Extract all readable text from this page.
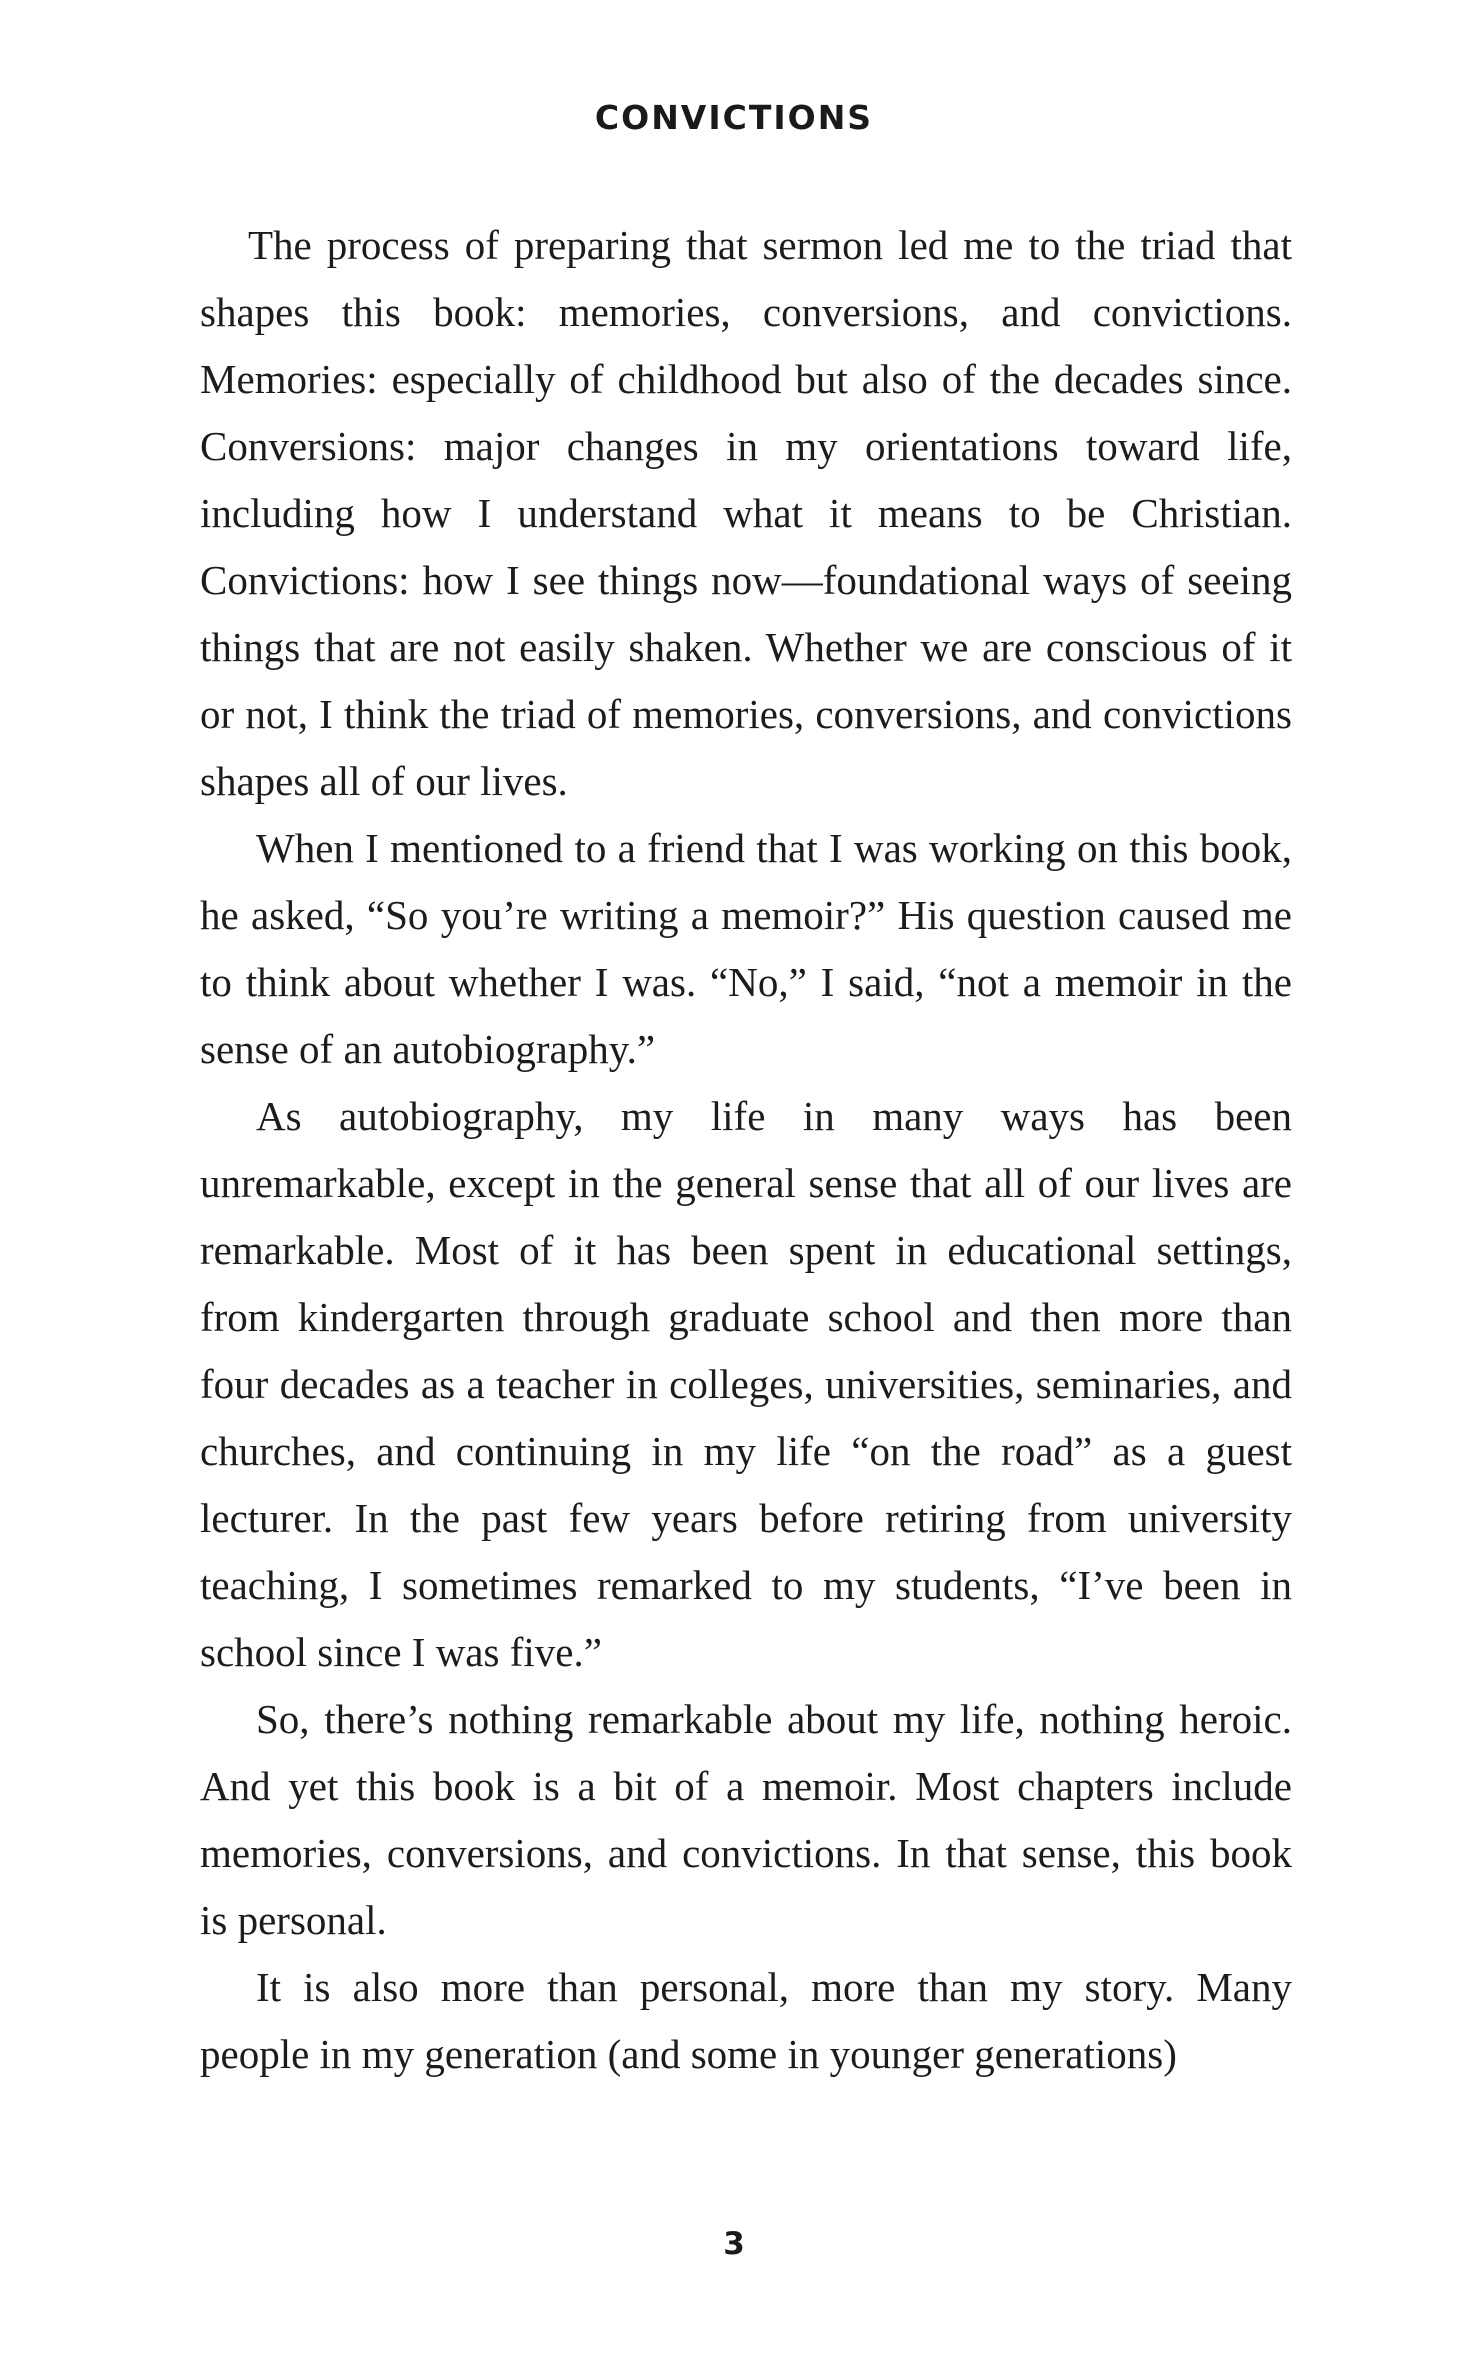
CONVICTIONS

The process of preparing that sermon led me to the triad that shapes this book: memories, conversions, and convictions. Memories: especially of childhood but also of the decades since. Conversions: major changes in my orientations toward life, including how I understand what it means to be Christian. Convictions: how I see things now—foundational ways of seeing things that are not easily shaken. Whether we are conscious of it or not, I think the triad of memories, conversions, and convictions shapes all of our lives.

When I mentioned to a friend that I was working on this book, he asked, “So you’re writing a memoir?” His question caused me to think about whether I was. “No,” I said, “not a memoir in the sense of an autobiography.”

As autobiography, my life in many ways has been unremarkable, except in the general sense that all of our lives are remarkable. Most of it has been spent in educational settings, from kindergarten through graduate school and then more than four decades as a teacher in colleges, universities, seminaries, and churches, and continuing in my life “on the road” as a guest lecturer. In the past few years before retiring from university teaching, I sometimes remarked to my students, “I’ve been in school since I was five.”

So, there’s nothing remarkable about my life, nothing heroic. And yet this book is a bit of a memoir. Most chapters include memories, conversions, and convictions. In that sense, this book is personal.

It is also more than personal, more than my story. Many people in my generation (and some in younger generations)

3
